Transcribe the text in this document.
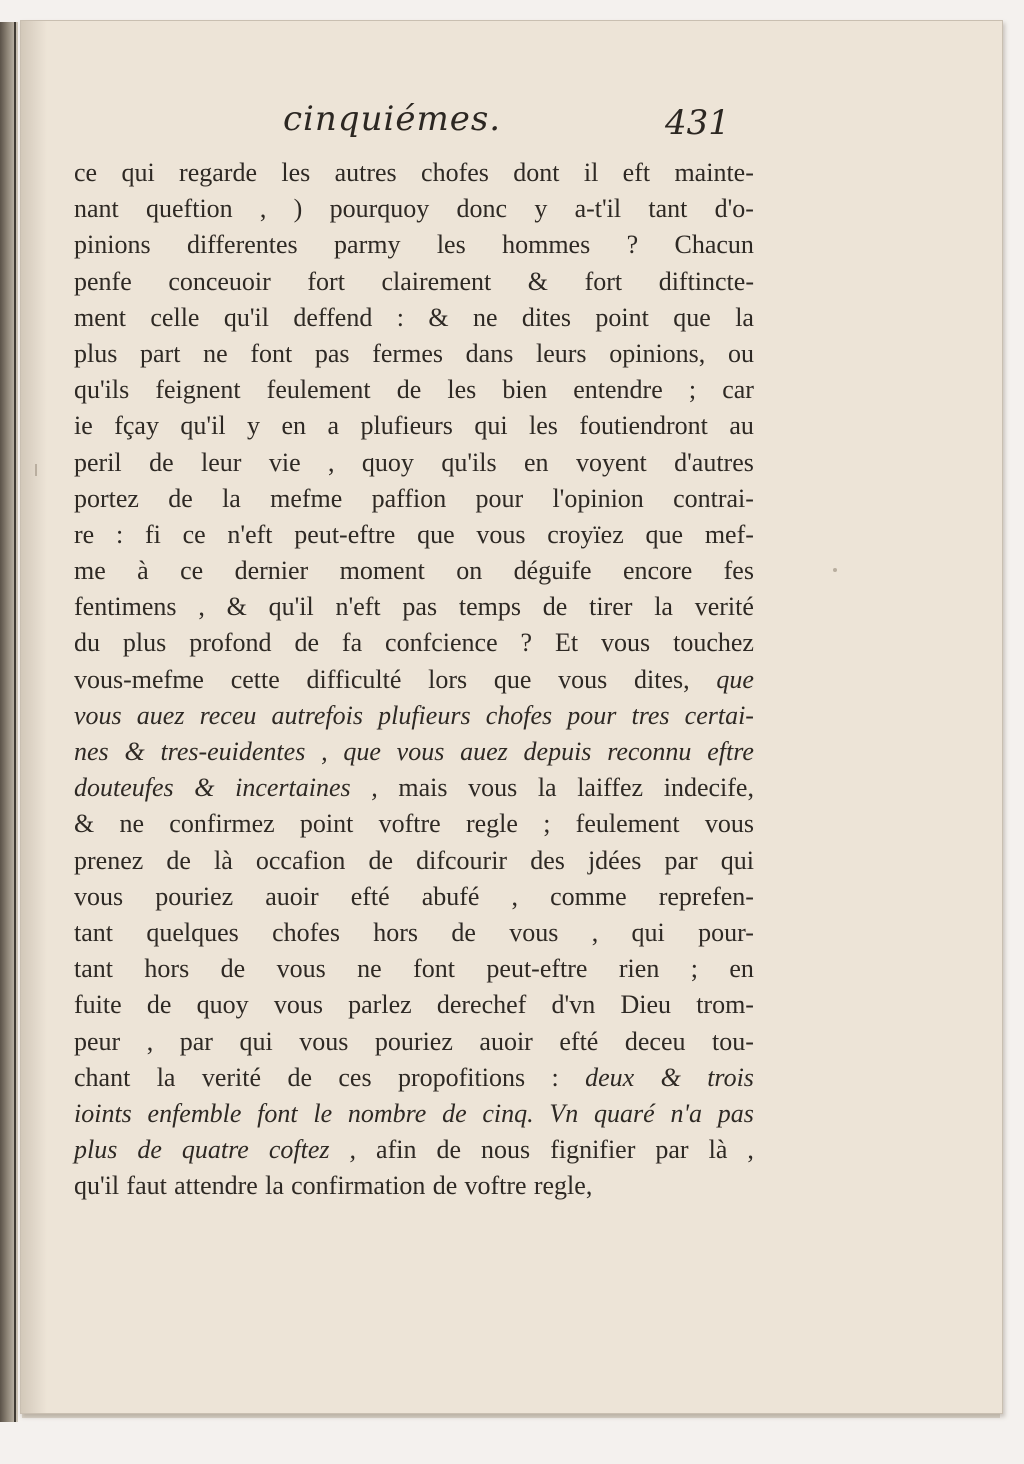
cinquiémes.	431
ce qui regarde les autres chofes dont il eft mainte-
nant queftion , ) pourquoy donc y a-t'il tant d'o-
pinions differentes parmy les hommes ? Chacun
penfe conceuoir fort clairement & fort diftincte-
ment celle qu'il deffend : & ne dites point que la
plus part ne font pas fermes dans leurs opinions, ou
qu'ils feignent feulement de les bien entendre ; car
ie fçay qu'il y en a plufieurs qui les foutiendront au
peril de leur vie , quoy qu'ils en voyent d'autres
portez de la mefme paffion pour l'opinion contrai-
re : fi ce n'eft peut-eftre que vous croyïez que mef-
me à ce dernier moment on déguife encore fes
fentimens , & qu'il n'eft pas temps de tirer la verité
du plus profond de fa confcience ? Et vous touchez
vous-mefme cette difficulté lors que vous dites, que
vous auez receu autrefois plufieurs chofes pour tres certai-
nes & tres-euidentes , que vous auez depuis reconnu eftre
douteufes & incertaines , mais vous la laiffez indecife,
& ne confirmez point voftre regle ; feulement vous
prenez de là occafion de difcourir des jdées par qui
vous pouriez auoir efté abufé , comme reprefen-
tant quelques chofes hors de vous , qui pour-
tant hors de vous ne font peut-eftre rien ; en
fuite de quoy vous parlez derechef d'vn Dieu trom-
peur , par qui vous pouriez auoir efté deceu tou-
chant la verité de ces propofitions : deux & trois
ioints enfemble font le nombre de cinq. Vn quaré n'a pas
plus de quatre coftez , afin de nous fignifier par là ,
qu'il faut attendre la confirmation de voftre regle,
